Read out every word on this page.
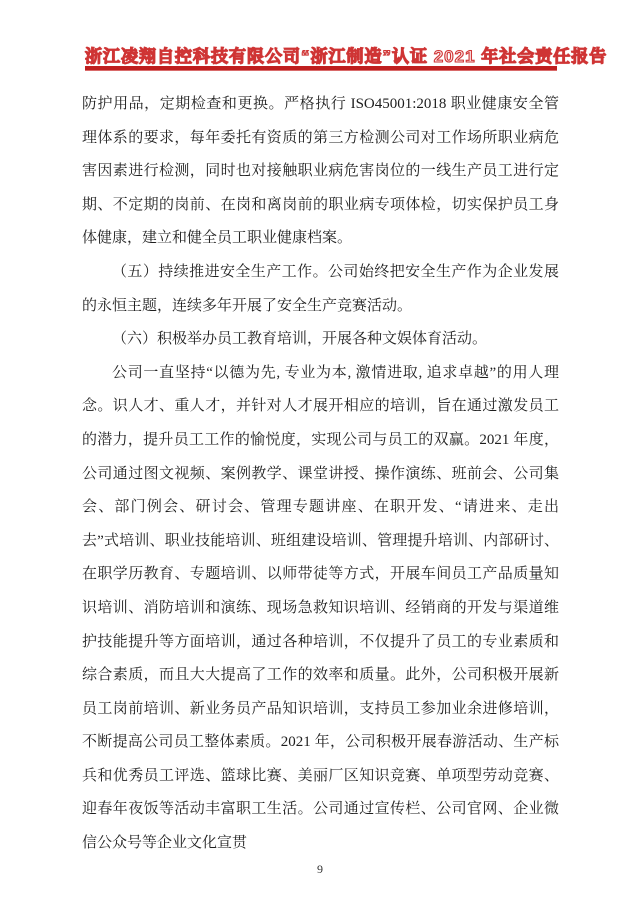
浙江凌翔自控科技有限公司 “浙江制造”认证 2021 年社会责任报告

防护用品，定期检查和更换。严格执行 ISO45001:2018 职业健康安全管理体系的要求，每年委托有资质的第三方检测公司对工作场所职业病危害因素进行检测，同时也对接触职业病危害岗位的一线生产员工进行定期、不定期的岗前、在岗和离岗前的职业病专项体检，切实保护员工身体健康，建立和健全员工职业健康档案。

（五）持续推进安全生产工作。公司始终把安全生产作为企业发展的永恒主题，连续多年开展了安全生产竞赛活动。

（六）积极举办员工教育培训，开展各种文娱体育活动。

公司一直坚持“以德为先, 专业为本, 激情进取, 追求卓越”的用人理念。识人才、重人才，并针对人才展开相应的培训，旨在通过激发员工的潜力，提升员工工作的愉悦度，实现公司与员工的双赢。2021 年度，公司通过图文视频、案例教学、课堂讲授、操作演练、班前会、公司集会、部门例会、研讨会、管理专题讲座、在职开发、“请进来、走出去”式培训、职业技能培训、班组建设培训、管理提升培训、内部研讨、在职学历教育、专题培训、以师带徒等方式，开展车间员工产品质量知识培训、消防培训和演练、现场急救知识培训、经销商的开发与渠道维护技能提升等方面培训，通过各种培训，不仅提升了员工的专业素质和综合素质，而且大大提高了工作的效率和质量。此外，公司积极开展新员工岗前培训、新业务员产品知识培训，支持员工参加业余进修培训，不断提高公司员工整体素质。2021 年，公司积极开展春游活动、生产标兵和优秀员工评选、篮球比赛、美丽厂区知识竞赛、单项型劳动竞赛、迎春年夜饭等活动丰富职工生活。公司通过宣传栏、公司官网、企业微信公众号等企业文化宣贯

9
